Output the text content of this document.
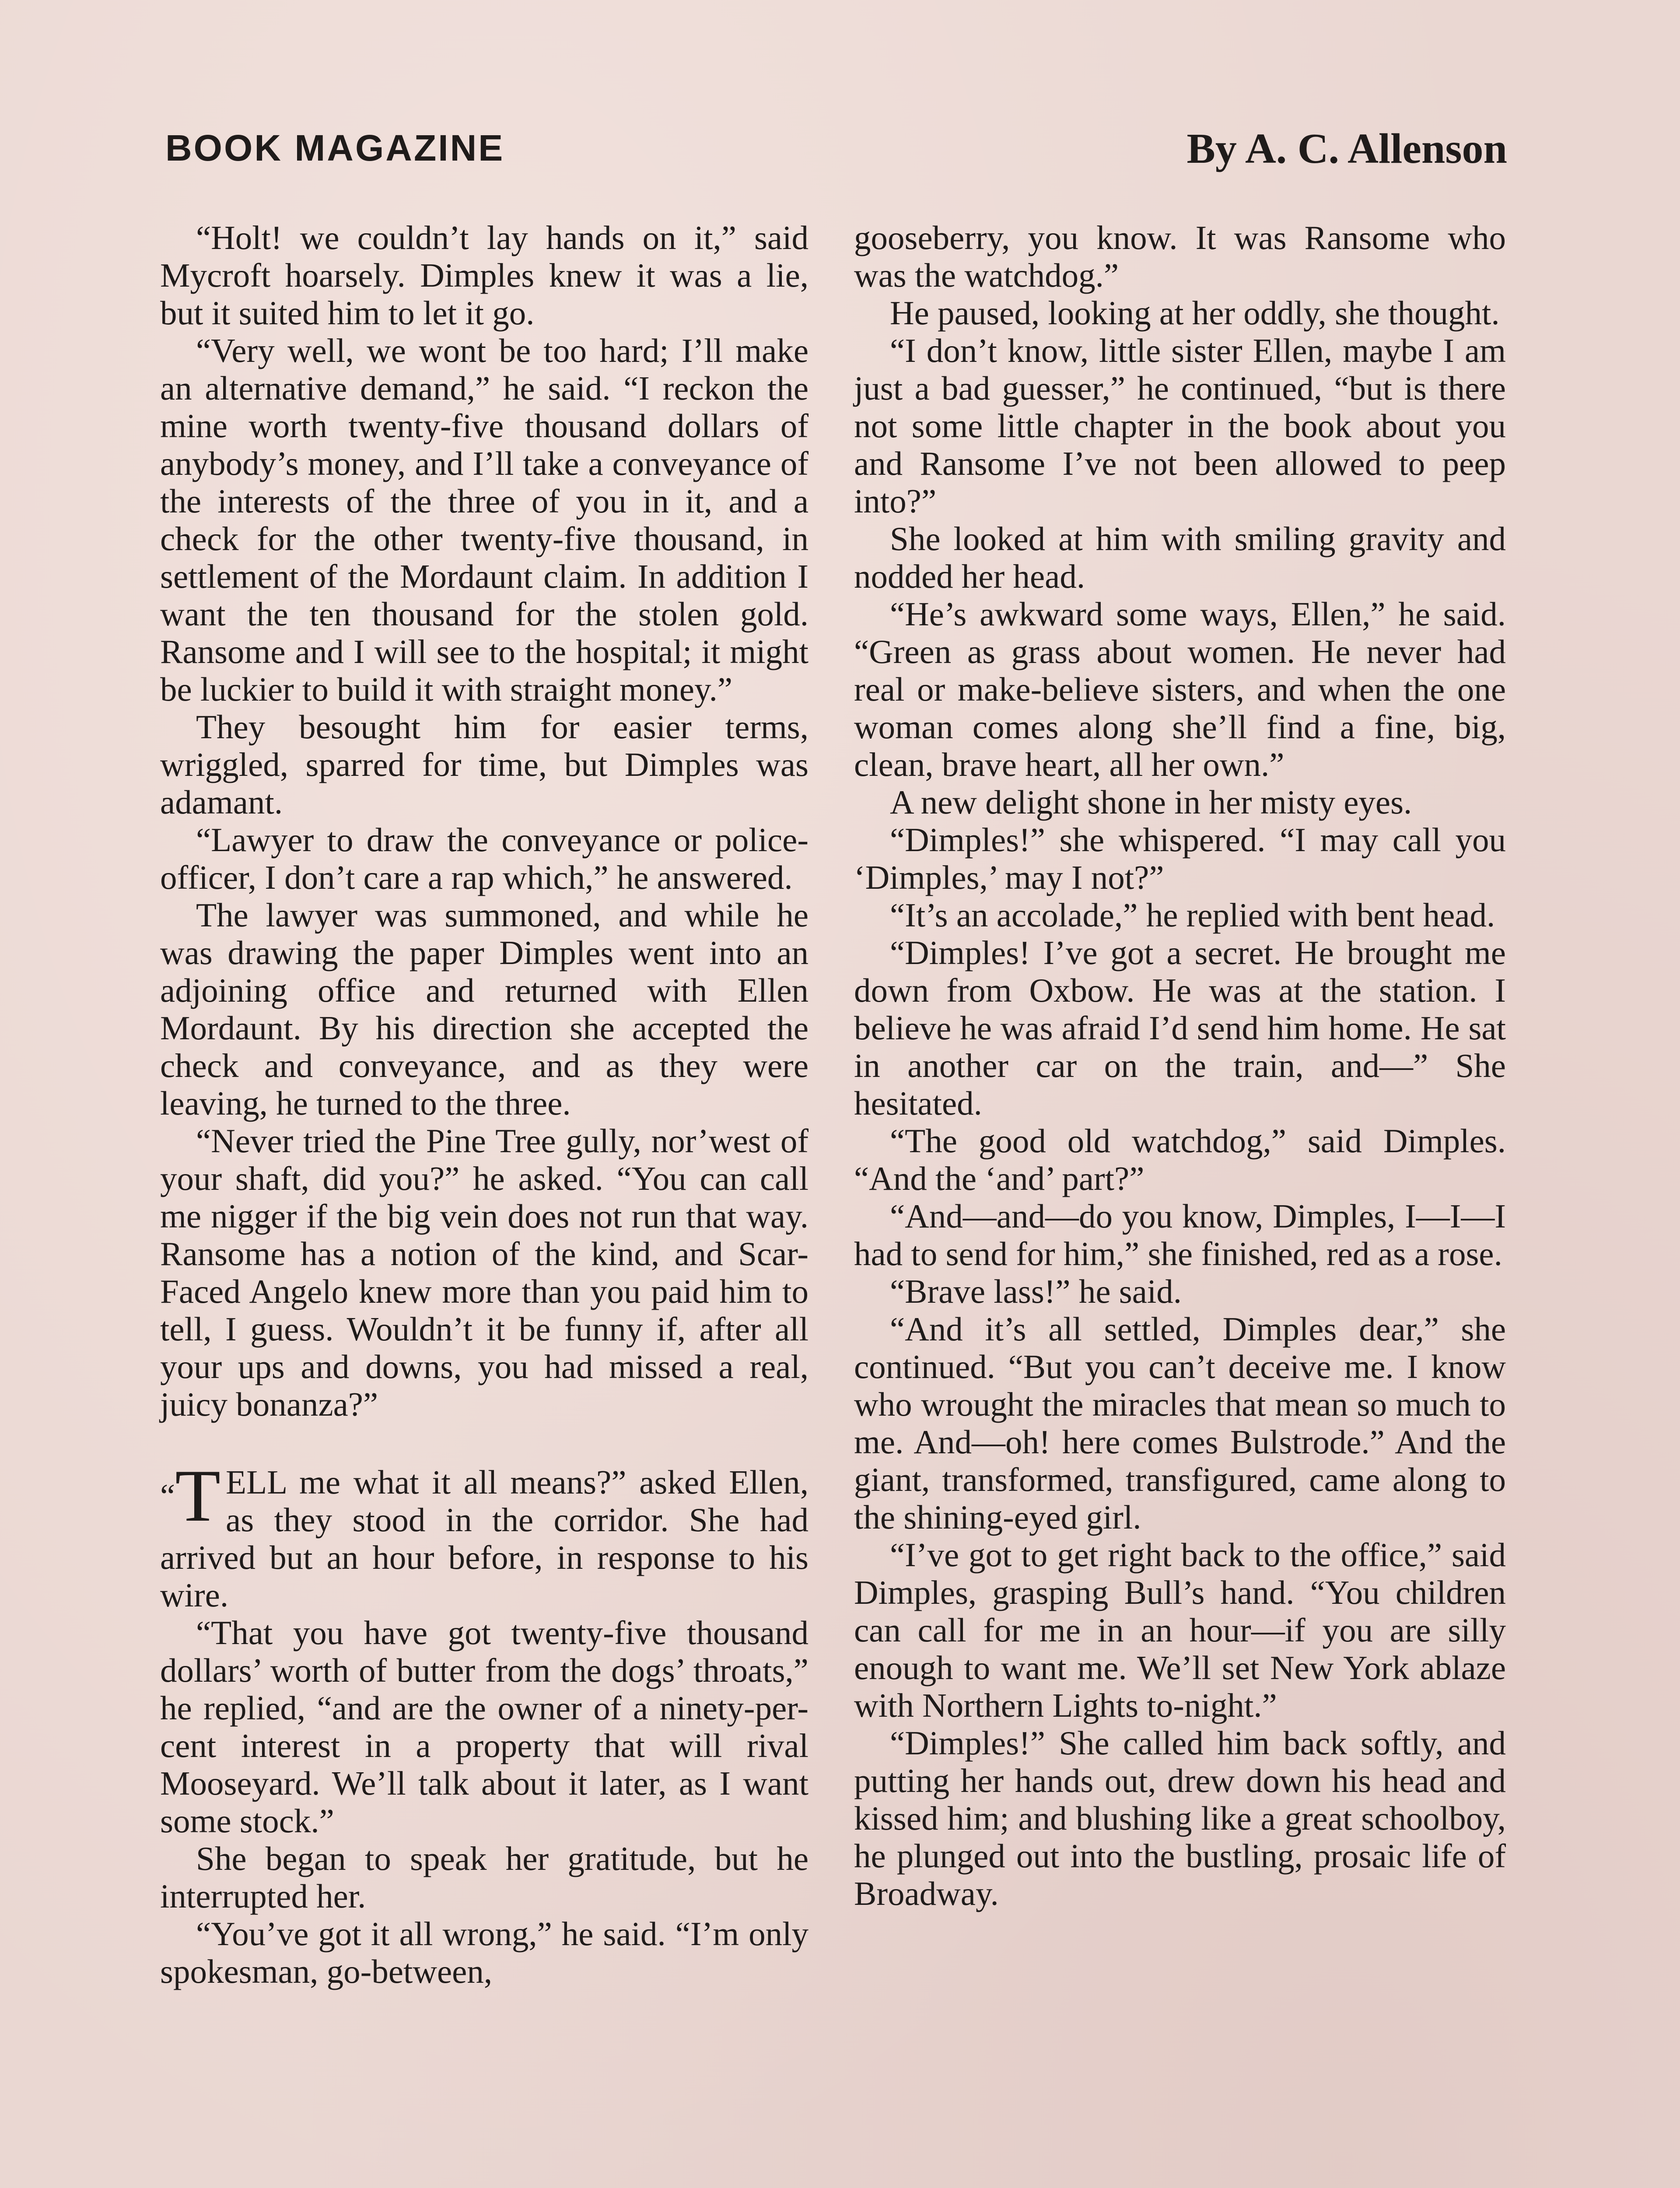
BOOK MAGAZINE	By A. C. Allenson

“Holt! we couldn’t lay hands on it,” said Mycroft hoarsely. Dimples knew it was a lie, but it suited him to let it go.

“Very well, we wont be too hard; I’ll make an alternative demand,” he said. “I reckon the mine worth twenty-five thousand dollars of anybody’s money, and I’ll take a conveyance of the interests of the three of you in it, and a check for the other twenty-five thousand, in settlement of the Mordaunt claim. In addition I want the ten thousand for the stolen gold. Ransome and I will see to the hospital; it might be luckier to build it with straight money.”

They besought him for easier terms, wriggled, sparred for time, but Dimples was adamant.

“Lawyer to draw the conveyance or police-officer, I don’t care a rap which,” he answered.

The lawyer was summoned, and while he was drawing the paper Dimples went into an adjoining office and returned with Ellen Mordaunt. By his direction she accepted the check and conveyance, and as they were leaving, he turned to the three.

“Never tried the Pine Tree gully, nor’west of your shaft, did you?” he asked. “You can call me nigger if the big vein does not run that way. Ransome has a notion of the kind, and Scar-Faced Angelo knew more than you paid him to tell, I guess. Wouldn’t it be funny if, after all your ups and downs, you had missed a real, juicy bonanza?”

“T ELL me what it all means?” asked Ellen, as they stood in the corridor. She had arrived but an hour before, in response to his wire.

“That you have got twenty-five thousand dollars’ worth of butter from the dogs’ throats,” he replied, “and are the owner of a ninety-per-cent interest in a property that will rival Mooseyard. We’ll talk about it later, as I want some stock.”

She began to speak her gratitude, but he interrupted her.

“You’ve got it all wrong,” he said. “I’m only spokesman, go-between,

gooseberry, you know. It was Ransome who was the watchdog.”

He paused, looking at her oddly, she thought.

“I don’t know, little sister Ellen, maybe I am just a bad guesser,” he continued, “but is there not some little chapter in the book about you and Ransome I’ve not been allowed to peep into?”

She looked at him with smiling gravity and nodded her head.

“He’s awkward some ways, Ellen,” he said. “Green as grass about women. He never had real or make-believe sisters, and when the one woman comes along she’ll find a fine, big, clean, brave heart, all her own.”

A new delight shone in her misty eyes.

“Dimples!” she whispered. “I may call you ‘Dimples,’ may I not?”

“It’s an accolade,” he replied with bent head.

“Dimples! I’ve got a secret. He brought me down from Oxbow. He was at the station. I believe he was afraid I’d send him home. He sat in another car on the train, and—” She hesitated.

“The good old watchdog,” said Dimples. “And the ‘and’ part?”

“And—and—do you know, Dimples, I—I—I had to send for him,” she finished, red as a rose.

“Brave lass!” he said.

“And it’s all settled, Dimples dear,” she continued. “But you can’t deceive me. I know who wrought the miracles that mean so much to me. And—oh! here comes Bulstrode.” And the giant, transformed, transfigured, came along to the shining-eyed girl.

“I’ve got to get right back to the office,” said Dimples, grasping Bull’s hand. “You children can call for me in an hour—if you are silly enough to want me. We’ll set New York ablaze with Northern Lights to-night.”

“Dimples!” She called him back softly, and putting her hands out, drew down his head and kissed him; and blushing like a great schoolboy, he plunged out into the bustling, prosaic life of Broadway.
